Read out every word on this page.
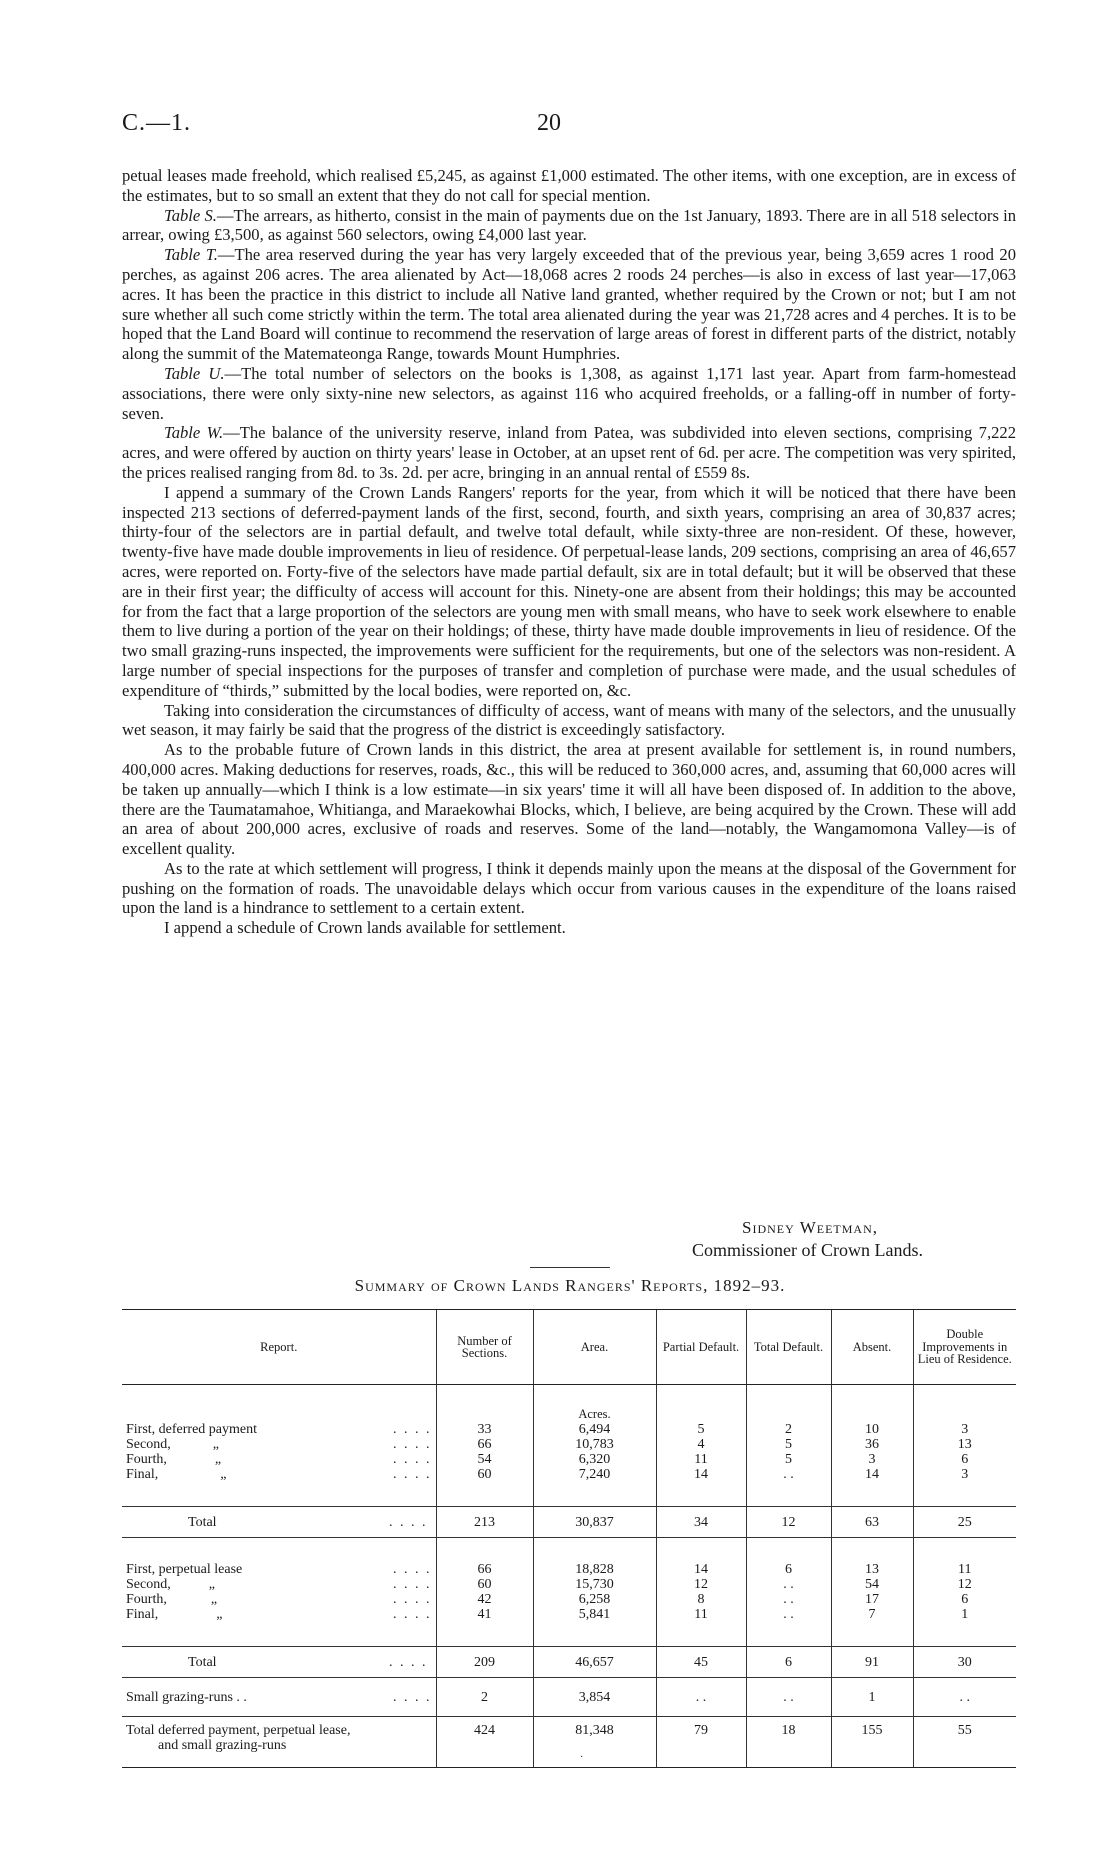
C.—1.	20

petual leases made freehold, which realised £5,245, as against £1,000 estimated. The other items, with one exception, are in excess of the estimates, but to so small an extent that they do not call for special mention.

Table S.—The arrears, as hitherto, consist in the main of payments due on the 1st January, 1893. There are in all 518 selectors in arrear, owing £3,500, as against 560 selectors, owing £4,000 last year.

Table T.—The area reserved during the year has very largely exceeded that of the previous year, being 3,659 acres 1 rood 20 perches, as against 206 acres. The area alienated by Act—18,068 acres 2 roods 24 perches—is also in excess of last year—17,063 acres. It has been the practice in this district to include all Native land granted, whether required by the Crown or not; but I am not sure whether all such come strictly within the term. The total area alienated during the year was 21,728 acres and 4 perches. It is to be hoped that the Land Board will continue to recommend the reservation of large areas of forest in different parts of the district, notably along the summit of the Matemateonga Range, towards Mount Humphries.

Table U.—The total number of selectors on the books is 1,308, as against 1,171 last year. Apart from farm-homestead associations, there were only sixty-nine new selectors, as against 116 who acquired freeholds, or a falling-off in number of forty-seven.

Table W.—The balance of the university reserve, inland from Patea, was subdivided into eleven sections, comprising 7,222 acres, and were offered by auction on thirty years' lease in October, at an upset rent of 6d. per acre. The competition was very spirited, the prices realised ranging from 8d. to 3s. 2d. per acre, bringing in an annual rental of £559 8s.

I append a summary of the Crown Lands Rangers' reports for the year, from which it will be noticed that there have been inspected 213 sections of deferred-payment lands of the first, second, fourth, and sixth years, comprising an area of 30,837 acres; thirty-four of the selectors are in partial default, and twelve total default, while sixty-three are non-resident. Of these, however, twenty-five have made double improvements in lieu of residence. Of perpetual-lease lands, 209 sections, comprising an area of 46,657 acres, were reported on. Forty-five of the selectors have made partial default, six are in total default; but it will be observed that these are in their first year; the difficulty of access will account for this. Ninety-one are absent from their holdings; this may be accounted for from the fact that a large proportion of the selectors are young men with small means, who have to seek work elsewhere to enable them to live during a portion of the year on their holdings; of these, thirty have made double improvements in lieu of residence. Of the two small grazing-runs inspected, the improvements were sufficient for the requirements, but one of the selectors was non-resident. A large number of special inspections for the purposes of transfer and completion of purchase were made, and the usual schedules of expenditure of “thirds,” submitted by the local bodies, were reported on, &c.

Taking into consideration the circumstances of difficulty of access, want of means with many of the selectors, and the unusually wet season, it may fairly be said that the progress of the district is exceedingly satisfactory.

As to the probable future of Crown lands in this district, the area at present available for settlement is, in round numbers, 400,000 acres. Making deductions for reserves, roads, &c., this will be reduced to 360,000 acres, and, assuming that 60,000 acres will be taken up annually—which I think is a low estimate—in six years' time it will all have been disposed of. In addition to the above, there are the Taumatamahoe, Whitianga, and Maraekowhai Blocks, which, I believe, are being acquired by the Crown. These will add an area of about 200,000 acres, exclusive of roads and reserves. Some of the land—notably, the Wangamomona Valley—is of excellent quality.

As to the rate at which settlement will progress, I think it depends mainly upon the means at the disposal of the Government for pushing on the formation of roads. The unavoidable delays which occur from various causes in the expenditure of the loans raised upon the land is a hindrance to settlement to a certain extent.

I append a schedule of Crown lands available for settlement.

Sidney Weetman,
Commissioner of Crown Lands.
Summary of Crown Lands Rangers' Reports, 1892–93.
Report.	Number of Sections.	Area.	Partial Default.	Total Default.	Absent.	Double Improvements in Lieu of Residence.
		Acres.				
First, deferred payment . . . .	33	6,494	5	2	10	3
Second, „ . . . .	66	10,783	4	5	36	13
Fourth, „ . . . .	54	6,320	11	5	3	6
Final, „ . . . .	60	7,240	14	. .	14	3

Total . . . .	213	30,837	34	12	63	25

First, perpetual lease . . . .	66	18,828	14	6	13	11
Second, „ . . . .	60	15,730	12	. .	54	12
Fourth, „ . . . .	42	6,258	8	. .	17	6
Final, „ . . . .	41	5,841	11	. .	7	1

Total . . . .	209	46,657	45	6	91	30
Small grazing-runs . . . . . .	2	3,854	. .	. .	1	. .
Total deferred payment, perpetual lease,
and small grazing-runs	424	81,348	79	18	155	55
·
